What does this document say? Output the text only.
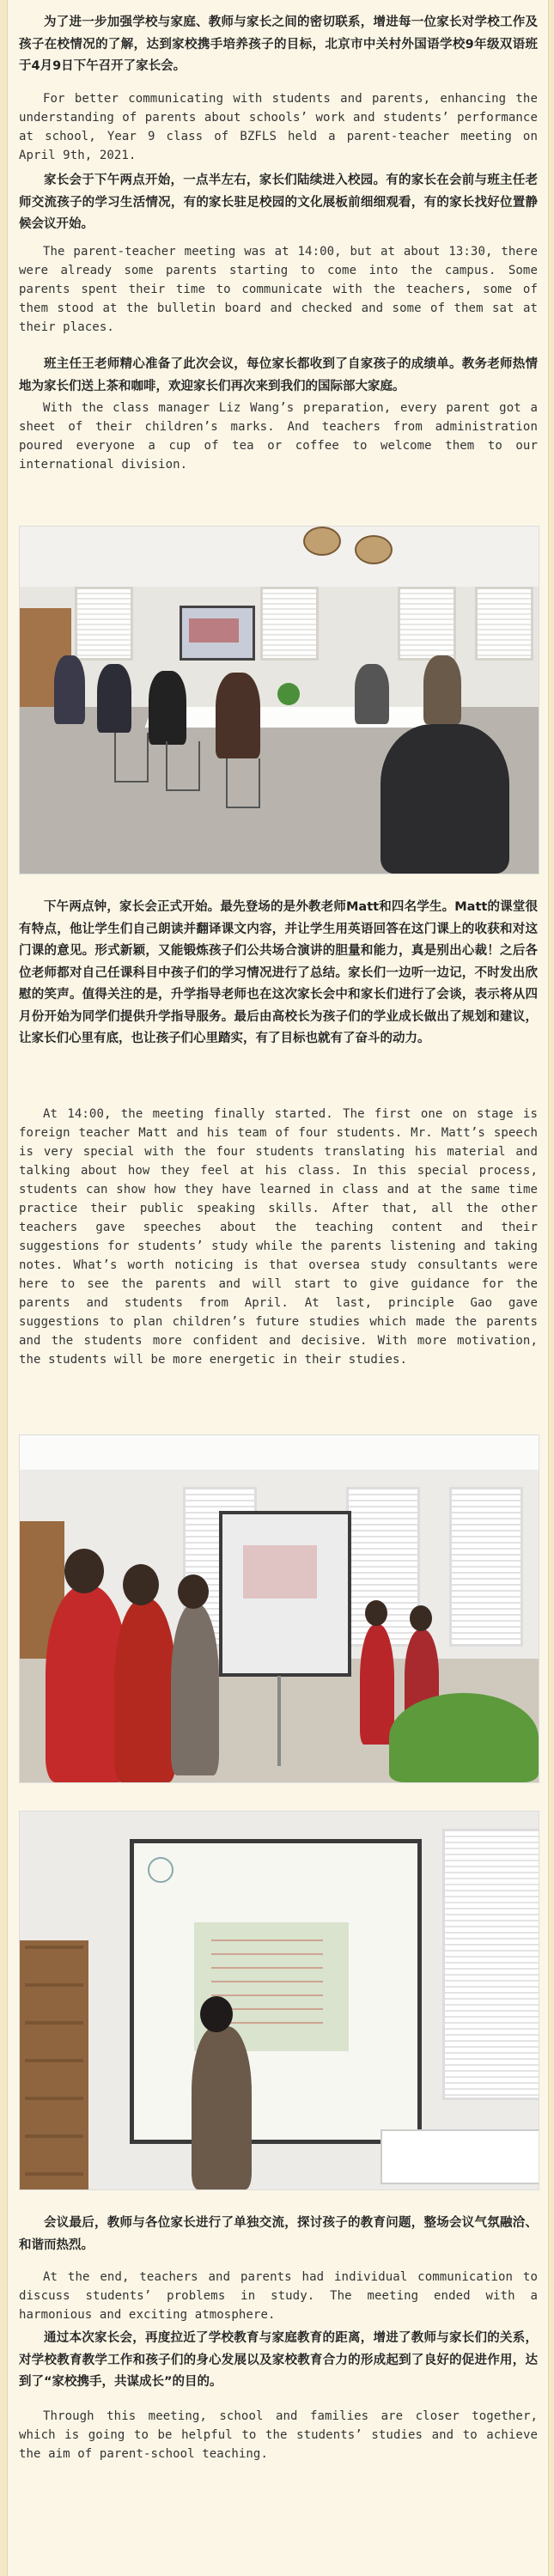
为了进一步加强学校与家庭、教师与家长之间的密切联系，增进每一位家长对学校工作及孩子在校情况的了解，达到家校携手培养孩子的目标，北京市中关村外国语学校9年级双语班于4月9日下午召开了家长会。

For better communicating with students and parents, enhancing the understanding of parents about schools’ work and students’ performance at school, Year 9 class of BZFLS held a parent-teacher meeting on April 9th, 2021.

家长会于下午两点开始，一点半左右，家长们陆续进入校园。有的家长在会前与班主任老师交流孩子的学习生活情况，有的家长驻足校园的文化展板前细细观看，有的家长找好位置静候会议开始。

The parent-teacher meeting was at 14:00, but at about 13:30, there were already some parents starting to come into the campus. Some parents spent their time to communicate with the teachers, some of them stood at the bulletin board and checked and some of them sat at their places.

班主任王老师精心准备了此次会议，每位家长都收到了自家孩子的成绩单。教务老师热情地为家长们送上茶和咖啡，欢迎家长们再次来到我们的国际部大家庭。

With the class manager Liz Wang’s preparation, every parent got a sheet of their children’s marks. And teachers from administration poured everyone a cup of tea or coffee to welcome them to our international division.

下午两点钟，家长会正式开始。最先登场的是外教老师Matt和四名学生。Matt的课堂很有特点，他让学生们自己朗读并翻译课文内容，并让学生用英语回答在这门课上的收获和对这门课的意见。形式新颖，又能锻炼孩子们公共场合演讲的胆量和能力，真是别出心裁！之后各位老师都对自己任课科目中孩子们的学习情况进行了总结。家长们一边听一边记，不时发出欣慰的笑声。值得关注的是，升学指导老师也在这次家长会中和家长们进行了会谈，表示将从四月份开始为同学们提供升学指导服务。最后由高校长为孩子们的学业成长做出了规划和建议，让家长们心里有底，也让孩子们心里踏实，有了目标也就有了奋斗的动力。

At 14:00, the meeting finally started. The first one on stage is foreign teacher Matt and his team of four students. Mr. Matt’s speech is very special with the four students translating his material and talking about how they feel at his class. In this special process, students can show how they have learned in class and at the same time practice their public speaking skills. After that, all the other teachers gave speeches about the teaching content and their suggestions for students’ study while the parents listening and taking notes. What’s worth noticing is that oversea study consultants were here to see the parents and will start to give guidance for the parents and students from April. At last, principle Gao gave suggestions to plan children’s future studies which made the parents and the students more confident and decisive. With more motivation, the students will be more energetic in their studies.

会议最后，教师与各位家长进行了单独交流，探讨孩子的教育问题，整场会议气氛融洽、和谐而热烈。

At the end, teachers and parents had individual communication to discuss students’ problems in study. The meeting ended with a harmonious and exciting atmosphere.

通过本次家长会，再度拉近了学校教育与家庭教育的距离，增进了教师与家长们的关系，对学校教育教学工作和孩子们的身心发展以及家校教育合力的形成起到了良好的促进作用，达到了“家校携手，共谋成长”的目的。

Through this meeting, school and families are closer together, which is going to be helpful to the students’ studies and to achieve the aim of parent-school teaching.
